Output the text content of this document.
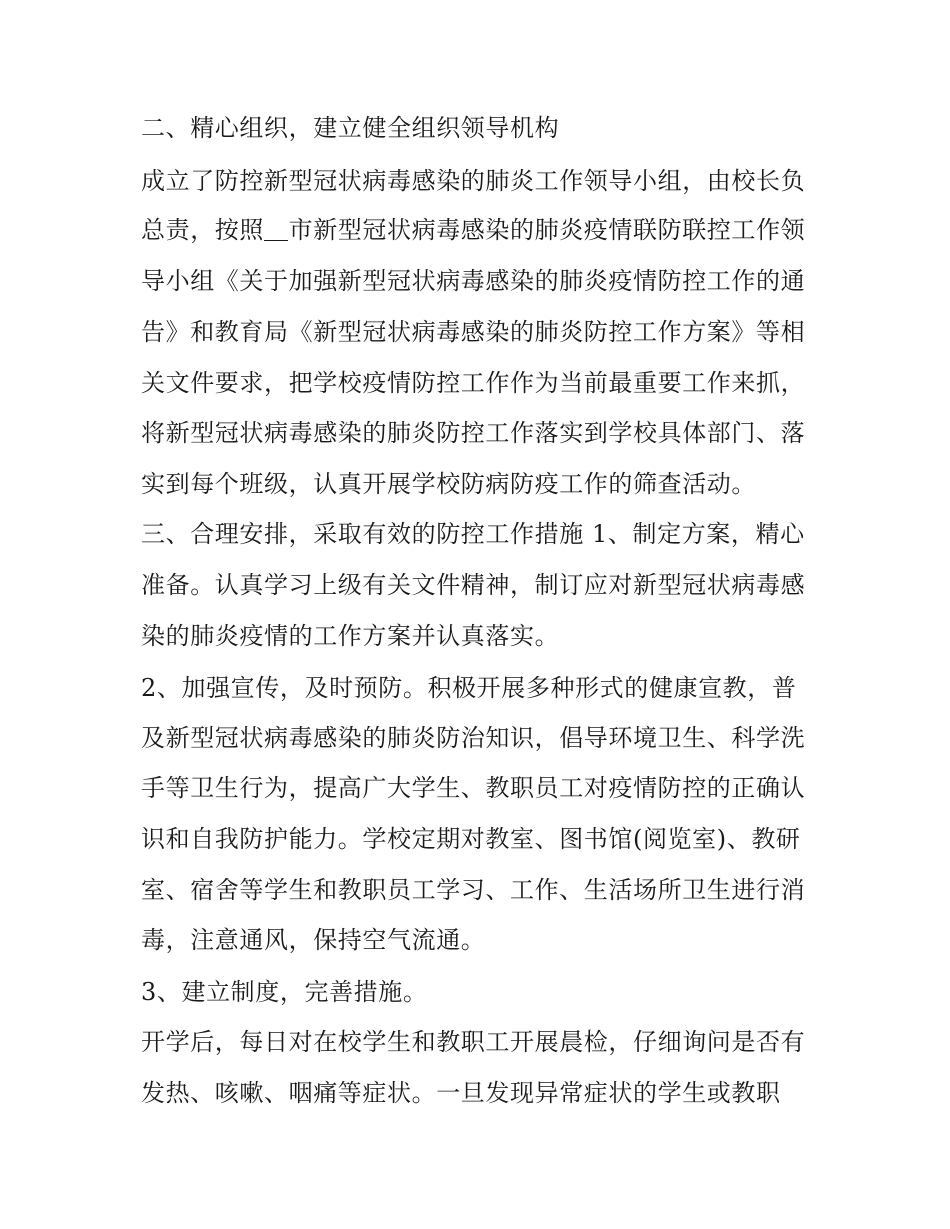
二、精心组织，建立健全组织领导机构
成立了防控新型冠状病毒感染的肺炎工作领导小组，由校长负
总责，按照＿市新型冠状病毒感染的肺炎疫情联防联控工作领
导小组《关于加强新型冠状病毒感染的肺炎疫情防控工作的通
告》和教育局《新型冠状病毒感染的肺炎防控工作方案》等相
关文件要求，把学校疫情防控工作作为当前最重要工作来抓，
将新型冠状病毒感染的肺炎防控工作落实到学校具体部门、落
实到每个班级，认真开展学校防病防疫工作的筛查活动。
三、合理安排，采取有效的防控工作措施 1、制定方案，精心
准备。认真学习上级有关文件精神，制订应对新型冠状病毒感
染的肺炎疫情的工作方案并认真落实。
2、加强宣传，及时预防。积极开展多种形式的健康宣教，普
及新型冠状病毒感染的肺炎防治知识，倡导环境卫生、科学洗
手等卫生行为，提高广大学生、教职员工对疫情防控的正确认
识和自我防护能力。学校定期对教室、图书馆(阅览室)、教研
室、宿舍等学生和教职员工学习、工作、生活场所卫生进行消
毒，注意通风，保持空气流通。
3、建立制度，完善措施。
开学后，每日对在校学生和教职工开展晨检，仔细询问是否有
发热、咳嗽、咽痛等症状。一旦发现异常症状的学生或教职
